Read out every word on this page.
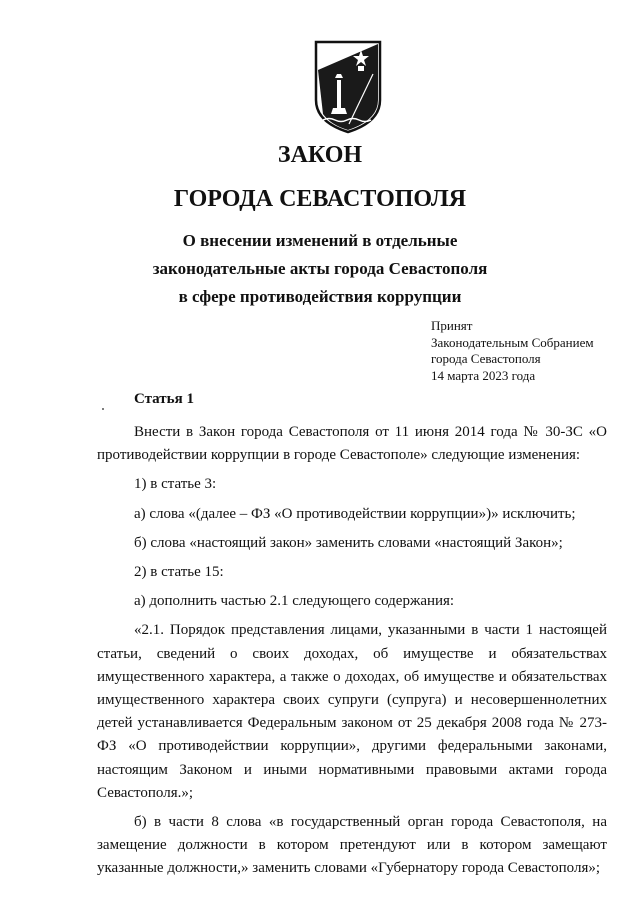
ЗАКОН
ГОРОДА СЕВАСТОПОЛЯ
О внесении изменений в отдельные
законодательные акты города Севастополя
в сфере противодействия коррупции
Принят
Законодательным Собранием
города Севастополя
14 марта 2023 года
Статья 1

Внести в Закон города Севастополя от 11 июня 2014 года № 30-ЗС «О противодействии коррупции в городе Севастополе» следующие изменения:

1) в статье 3:

а) слова «(далее – ФЗ «О противодействии коррупции»)» исключить;

б) слова «настоящий закон» заменить словами «настоящий Закон»;

2) в статье 15:

а) дополнить частью 2.1 следующего содержания:

«2.1. Порядок представления лицами, указанными в части 1 настоящей статьи, сведений о своих доходах, об имуществе и обязательствах имущественного характера, а также о доходах, об имуществе и обязательствах имущественного характера своих супруги (супруга) и несовершеннолетних детей устанавливается Федеральным законом от 25 декабря 2008 года № 273-ФЗ «О противодействии коррупции», другими федеральными законами, настоящим Законом и иными нормативными правовыми актами города Севастополя.»;

б) в части 8 слова «в государственный орган города Севастополя, на замещение должности в котором претендуют или в котором замещают указанные должности,» заменить словами «Губернатору города Севастополя»;
